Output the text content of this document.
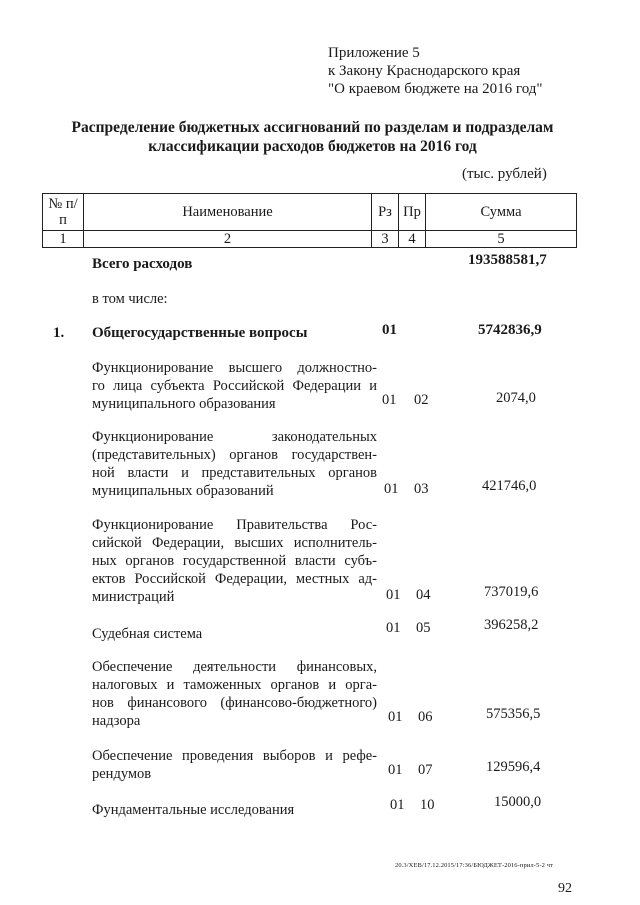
Приложение 5
к Закону Краснодарского края
"О краевом бюджете на 2016 год"
Распределение бюджетных ассигнований по разделам и подразделам
классификации расходов бюджетов на 2016 год
(тыс. рублей)
№ п/п	Наименование	Рз	Пр	Сумма
1	2	3	4	5
Всего расходов	193588581,7
в том числе:
1. Общегосударственные вопросы	01	5742836,9
Функционирование высшего должностно-
го лица субъекта Российской Федерации и
муниципального образования	01 02	2074,0
Функционирование законодательных
(представительных) органов государствен-
ной власти и представительных органов
муниципальных образований	01 03	421746,0
Функционирование Правительства Рос-
сийской Федерации, высших исполнитель-
ных органов государственной власти субъ-
ектов Российской Федерации, местных ад-
министраций	01 04	737019,6
Судебная система	01 05	396258,2
Обеспечение деятельности финансовых,
налоговых и таможенных органов и орга-
нов финансового (финансово-бюджетного)
надзора	01 06	575356,5
Обеспечение проведения выборов и рефе-
рендумов	01 07	129596,4
Фундаментальные исследования	01 10	15000,0
20.3/ХЕВ/17.12.2015/17:36/БЮДЖЕТ-2016-прил-5-2 чт
92
